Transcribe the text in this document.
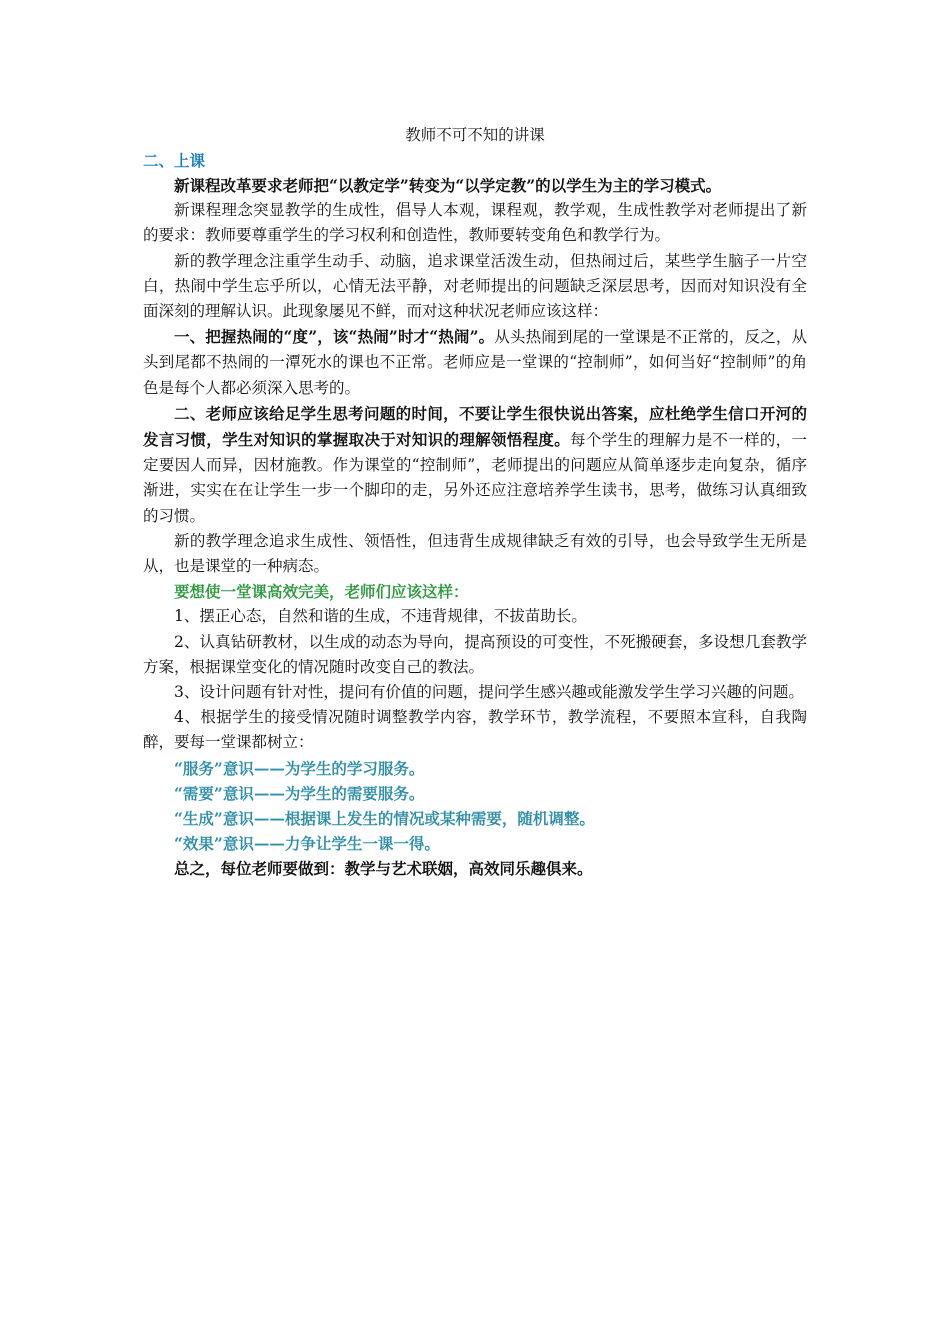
教师不可不知的讲课
二、上课

新课程改革要求老师把“以教定学”转变为“以学定教”的以学生为主的学习模式。

新课程理念突显教学的生成性，倡导人本观，课程观，教学观，生成性教学对老师提出了新的要求：教师要尊重学生的学习权利和创造性，教师要转变角色和教学行为。

新的教学理念注重学生动手、动脑，追求课堂活泼生动，但热闹过后，某些学生脑子一片空白，热闹中学生忘乎所以，心情无法平静，对老师提出的问题缺乏深层思考，因而对知识没有全面深刻的理解认识。此现象屡见不鲜，而对这种状况老师应该这样：

一、把握热闹的“度”，该“热闹”时才“热闹”。从头热闹到尾的一堂课是不正常的，反之，从头到尾都不热闹的一潭死水的课也不正常。老师应是一堂课的“控制师”，如何当好“控制师”的角色是每个人都必须深入思考的。

二、老师应该给足学生思考问题的时间，不要让学生很快说出答案，应杜绝学生信口开河的发言习惯，学生对知识的掌握取决于对知识的理解领悟程度。每个学生的理解力是不一样的，一定要因人而异，因材施教。作为课堂的“控制师”，老师提出的问题应从简单逐步走向复杂，循序渐进，实实在在让学生一步一个脚印的走，另外还应注意培养学生读书，思考，做练习认真细致的习惯。

新的教学理念追求生成性、领悟性，但违背生成规律缺乏有效的引导，也会导致学生无所是从，也是课堂的一种病态。

要想使一堂课高效完美，老师们应该这样：

1、摆正心态，自然和谐的生成，不违背规律，不拔苗助长。

2、认真钻研教材，以生成的动态为导向，提高预设的可变性，不死搬硬套，多设想几套教学方案，根据课堂变化的情况随时改变自己的教法。

3、设计问题有针对性，提问有价值的问题，提问学生感兴趣或能激发学生学习兴趣的问题。

4、根据学生的接受情况随时调整教学内容，教学环节，教学流程，不要照本宣科，自我陶醉，要每一堂课都树立：

“服务”意识——为学生的学习服务。

“需要”意识——为学生的需要服务。

“生成”意识——根据课上发生的情况或某种需要，随机调整。

“效果”意识——力争让学生一课一得。

总之，每位老师要做到：教学与艺术联姻，高效同乐趣俱来。
